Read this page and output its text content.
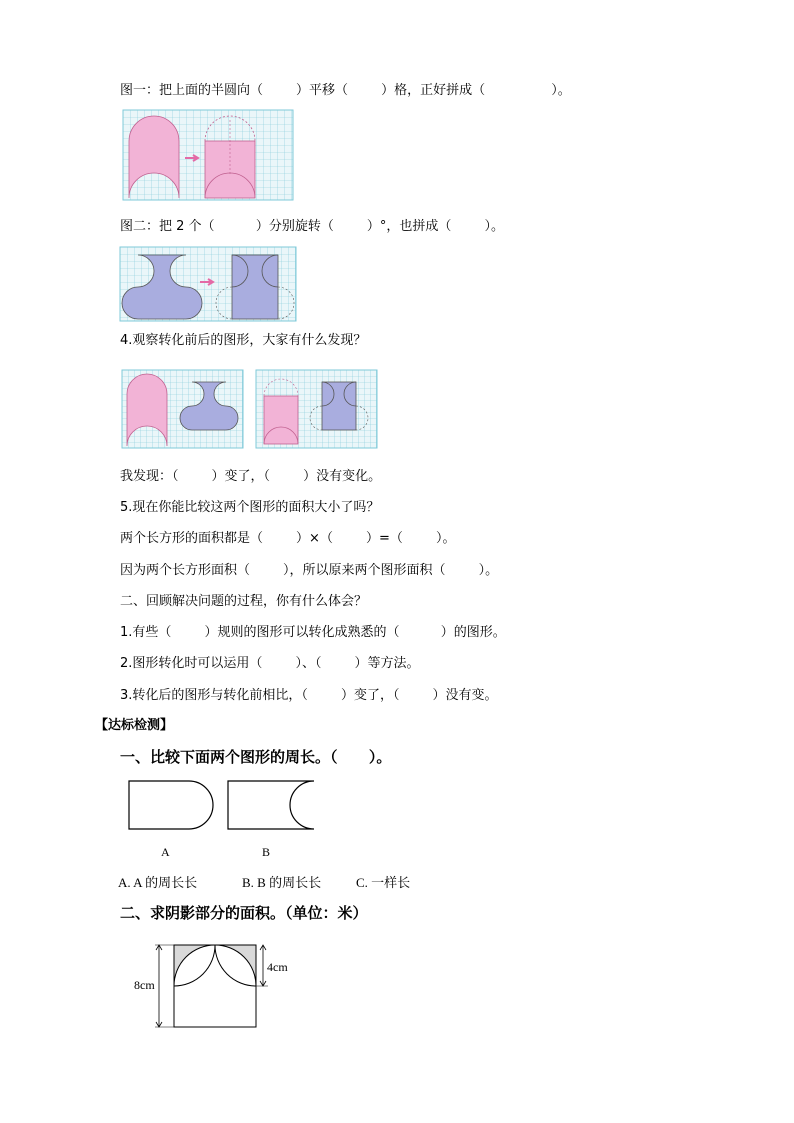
图一：把上面的半圆向（        ）平移（        ）格，正好拼成（                ）。
图二：把 2 个（          ）分别旋转（        ）°，也拼成（        ）。
4.观察转化前后的图形，大家有什么发现？
我发现：（        ）变了，（        ）没有变化。
5.现在你能比较这两个图形的面积大小了吗？
两个长方形的面积都是（        ）×（        ）=（        ）。
因为两个长方形面积（        ），所以原来两个图形面积（        ）。
二、回顾解决问题的过程，你有什么体会？
1.有些（        ）规则的图形可以转化成熟悉的（          ）的图形。
2.图形转化时可以运用（        ）、（        ）等方法。
3.转化后的图形与转化前相比，（        ）变了，（        ）没有变。
【达标检测】
一、比较下面两个图形的周长。（      ）。
A	B
A. A 的周长长	B. B 的周长长	C. 一样长
二、求阴影部分的面积。（单位：米）
8cm
4cm
